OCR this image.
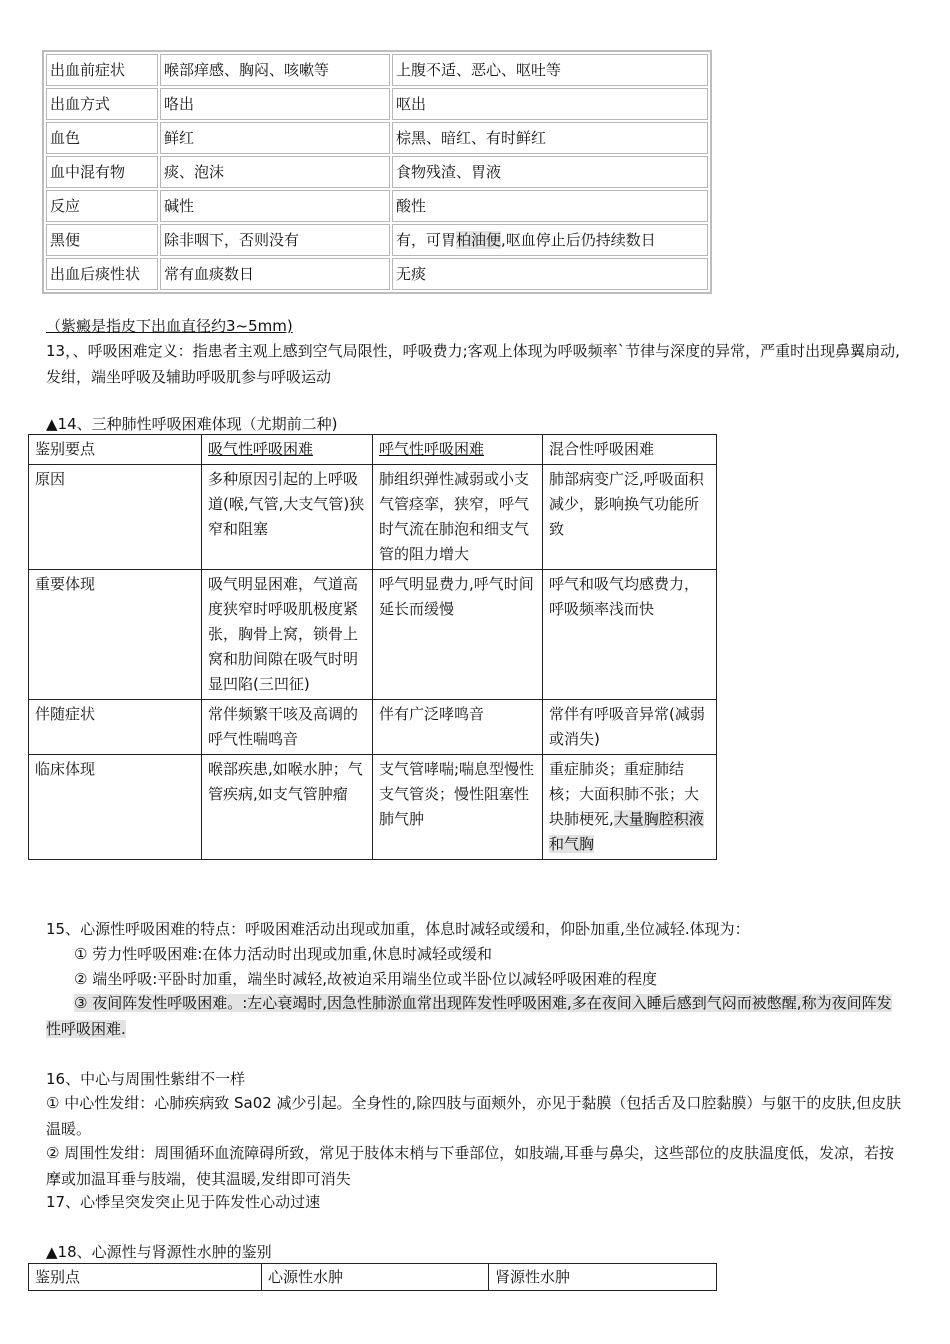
出血前症状	喉部痒感、胸闷、咳嗽等	上腹不适、恶心、呕吐等
出血方式	咯出	呕出
血色	鲜红	棕黑、暗红、有时鲜红
血中混有物	痰、泡沫	食物残渣、胃液
反应	碱性	酸性
黑便	除非咽下，否则没有	有，可胃柏油便,呕血停止后仍持续数日
出血后痰性状	常有血痰数日	无痰
（紫癜是指皮下出血直径约3~5mm)
13，、呼吸困难定义：指患者主观上感到空气局限性，呼吸费力;客观上体现为呼吸频率`节律与深度的异常，严重时出现鼻翼扇动,发绀，端坐呼吸及辅助呼吸肌参与呼吸运动
▲14、三种肺性呼吸困难体现（尤期前二种)
鉴别要点	吸气性呼吸困难	呼气性呼吸困难	混合性呼吸困难
原因	多种原因引起的上呼吸道(喉,气管,大支气管)狭窄和阻塞	肺组织弹性减弱或小支气管痉挛，狭窄，呼气时气流在肺泡和细支气管的阻力增大	肺部病变广泛,呼吸面积减少，影响换气功能所致
重要体现	吸气明显困难，气道高度狭窄时呼吸肌极度紧张，胸骨上窝，锁骨上窝和肋间隙在吸气时明显凹陷(三凹征)	呼气明显费力,呼气时间延长而缓慢	呼气和吸气均感费力，呼吸频率浅而快
伴随症状	常伴频繁干咳及高调的呼气性喘鸣音	伴有广泛哮鸣音	常伴有呼吸音异常(减弱或消失)
临床体现	喉部疾患,如喉水肿；气管疾病,如支气管肿瘤	支气管哮喘;喘息型慢性支气管炎；慢性阻塞性肺气肿	重症肺炎；重症肺结核；大面积肺不张；大块肺梗死,大量胸腔积液和气胸
15、心源性呼吸困难的特点：呼吸困难活动出现或加重，体息时减轻或缓和，仰卧加重,坐位减轻.体现为：
① 劳力性呼吸困难:在体力活动时出现或加重,休息时减轻或缓和
② 端坐呼吸:平卧时加重，端坐时减轻,故被迫采用端坐位或半卧位以减轻呼吸困难的程度
③ 夜间阵发性呼吸困难。:左心衰竭时,因急性肺淤血常出现阵发性呼吸困难,多在夜间入睡后感到气闷而被憋醒,称为夜间阵发性呼吸困难.
16、中心与周围性紫绀不一样
① 中心性发绀：心肺疾病致 Sa02 减少引起。全身性的,除四肢与面颊外，亦见于黏膜（包括舌及口腔黏膜）与躯干的皮肤,但皮肤温暖。
② 周围性发绀：周围循环血流障碍所致，常见于肢体末梢与下垂部位，如肢端,耳垂与鼻尖，这些部位的皮肤温度低，发凉，若按摩或加温耳垂与肢端，使其温暖,发绀即可消失
17、心悸呈突发突止见于阵发性心动过速
▲18、心源性与肾源性水肿的鉴别
鉴别点	心源性水肿	肾源性水肿
